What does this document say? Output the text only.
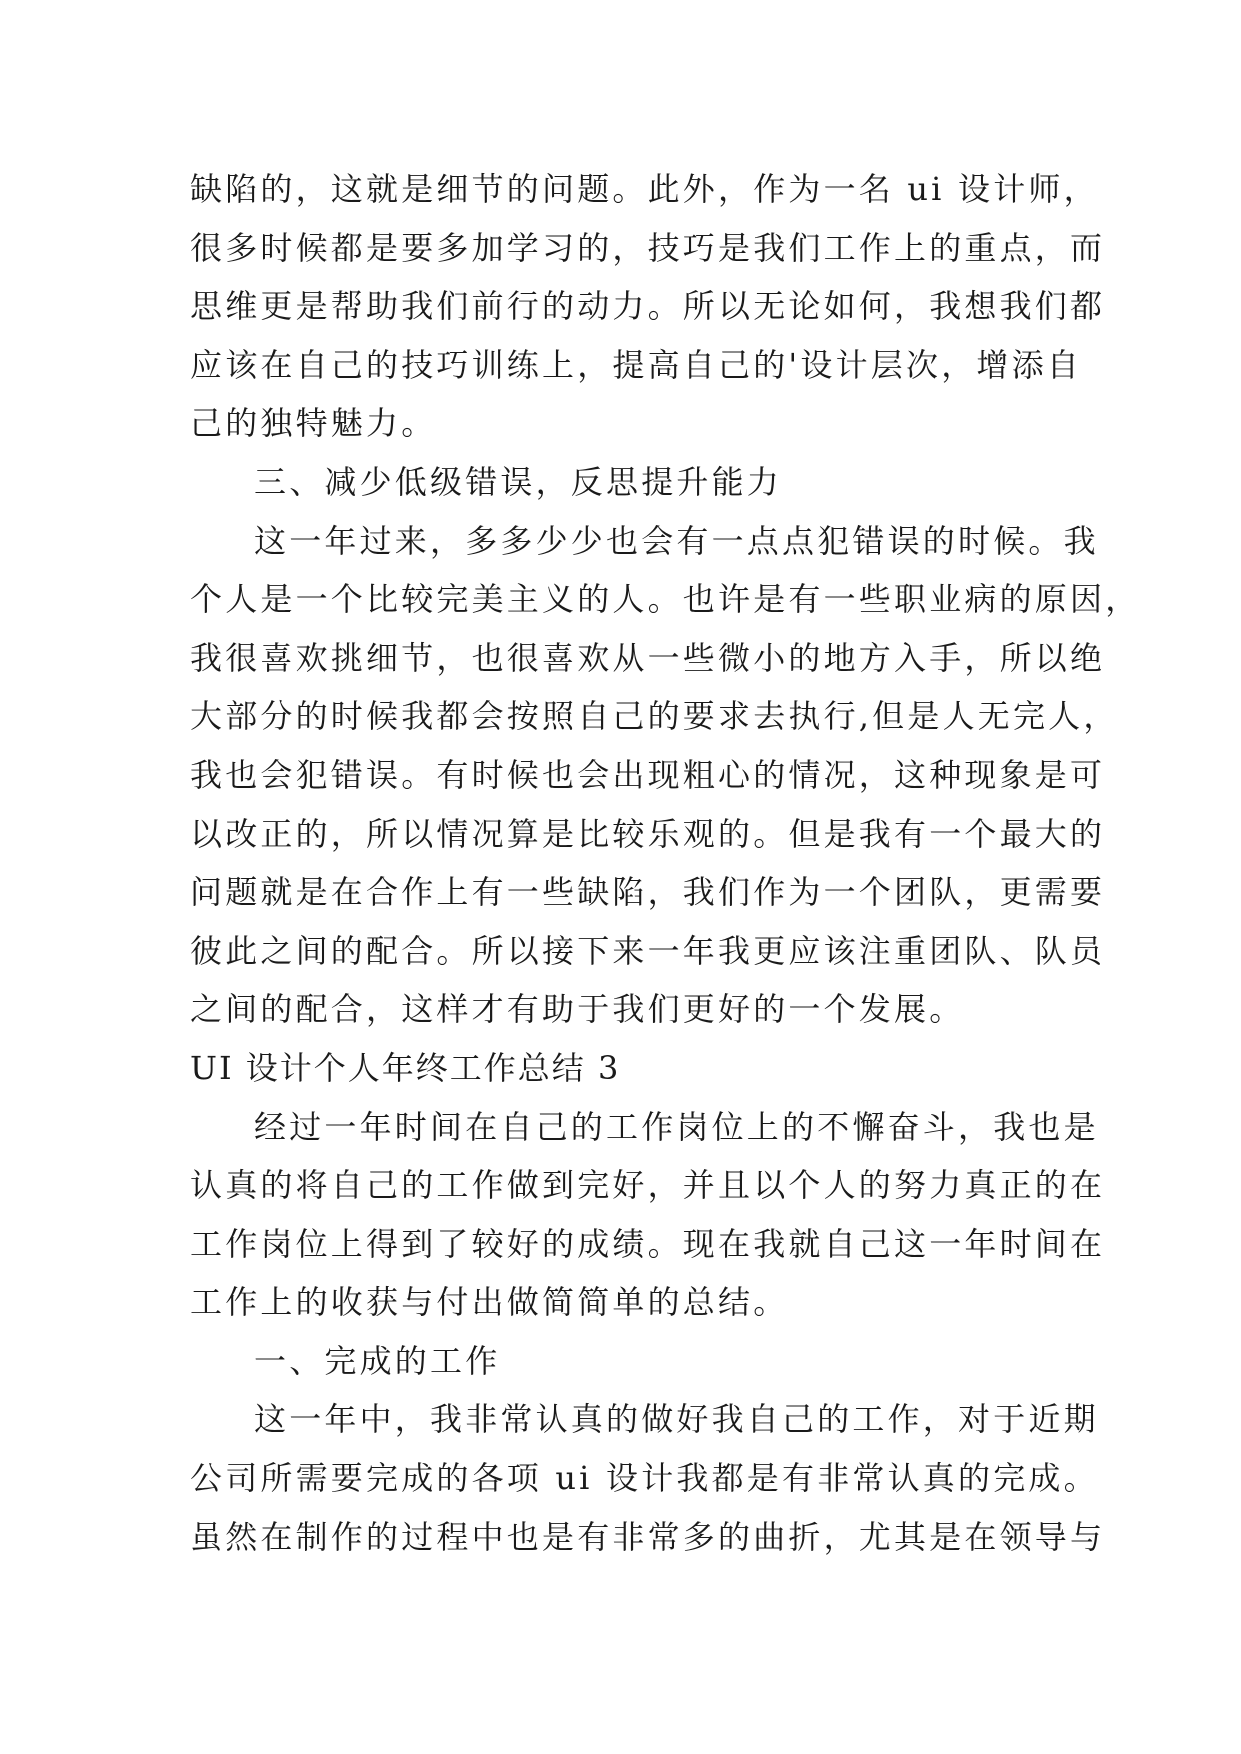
缺陷的，这就是细节的问题。此外，作为一名 ui 设计师，
很多时候都是要多加学习的，技巧是我们工作上的重点，而
思维更是帮助我们前行的动力。所以无论如何，我想我们都
应该在自己的技巧训练上，提高自己的'设计层次，增添自
己的独特魅力。
三、减少低级错误，反思提升能力
这一年过来，多多少少也会有一点点犯错误的时候。我
个人是一个比较完美主义的人。也许是有一些职业病的原因，
我很喜欢挑细节，也很喜欢从一些微小的地方入手，所以绝
大部分的时候我都会按照自己的要求去执行,但是人无完人，
我也会犯错误。有时候也会出现粗心的情况，这种现象是可
以改正的，所以情况算是比较乐观的。但是我有一个最大的
问题就是在合作上有一些缺陷，我们作为一个团队，更需要
彼此之间的配合。所以接下来一年我更应该注重团队、队员
之间的配合，这样才有助于我们更好的一个发展。
UI 设计个人年终工作总结 3
经过一年时间在自己的工作岗位上的不懈奋斗，我也是
认真的将自己的工作做到完好，并且以个人的努力真正的在
工作岗位上得到了较好的成绩。现在我就自己这一年时间在
工作上的收获与付出做简简单的总结。
一、完成的工作
这一年中，我非常认真的做好我自己的工作，对于近期
公司所需要完成的各项 ui 设计我都是有非常认真的完成。
虽然在制作的过程中也是有非常多的曲折，尤其是在领导与
